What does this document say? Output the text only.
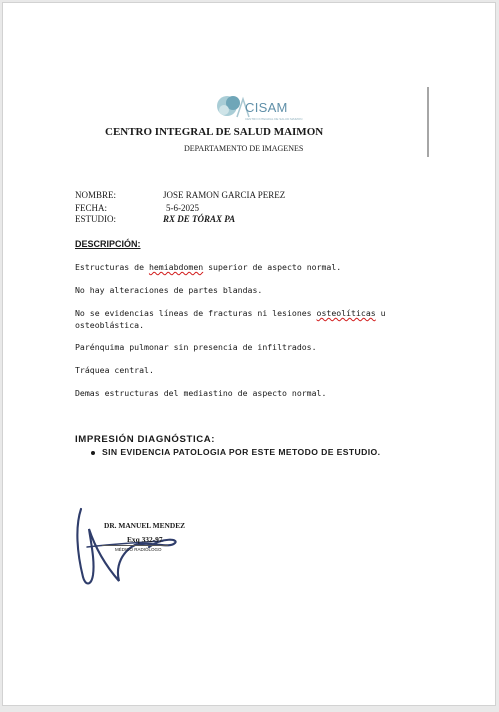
CISAM
CENTRO INTEGRAL DE SALUD MAIMON
CENTRO INTEGRAL DE SALUD MAIMON
DEPARTAMENTO DE IMAGENES
NOMBRE:	JOSE RAMON GARCIA PEREZ
FECHA:	5-6-2025
ESTUDIO:	RX DE TÓRAX PA
DESCRIPCIÓN:
Estructuras de hemiabdomen superior de aspecto normal.
No hay alteraciones de partes blandas.
No se evidencias líneas de fracturas ni lesiones osteolíticas u osteoblástica.
Parénquima pulmonar sin presencia de infiltrados.
Tráquea central.
Demas estructuras del mediastino de aspecto normal.
IMPRESIÓN DIAGNÓSTICA:
SIN EVIDENCIA PATOLOGIA POR ESTE METODO DE ESTUDIO.
DR. MANUEL MENDEZ
Exq 332-97
MÉDICO RADIÓLOGO
